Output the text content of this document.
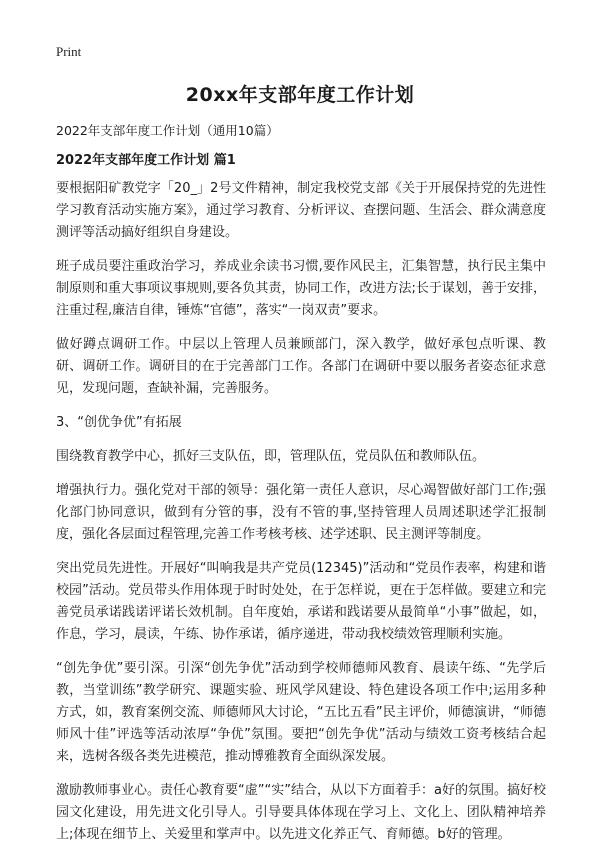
Print
20xx年支部年度工作计划

2022年支部年度工作计划（通用10篇）

2022年支部年度工作计划 篇1

要根据阳矿教党字「20_」2号文件精神，制定我校党支部《关于开展保持党的先进性学习教育活动实施方案》，通过学习教育、分析评议、查摆问题、生活会、群众满意度测评等活动搞好组织自身建设。

班子成员要注重政治学习，养成业余读书习惯,要作风民主，汇集智慧，执行民主集中制原则和重大事项议事规则,要各负其责，协同工作，改进方法;长于谋划，善于安排，注重过程,廉洁自律，锤炼“官德”，落实“一岗双责”要求。

做好蹲点调研工作。中层以上管理人员兼顾部门，深入教学，做好承包点听课、教研、调研工作。调研目的在于完善部门工作。各部门在调研中要以服务者姿态征求意见，发现问题，查缺补漏，完善服务。

3、“创优争优”有拓展

围绕教育教学中心，抓好三支队伍，即，管理队伍，党员队伍和教师队伍。

增强执行力。强化党对干部的领导：强化第一责任人意识，尽心竭智做好部门工作;强化部门协同意识，做到有分管的事，没有不管的事,坚持管理人员周述职述学汇报制度，强化各层面过程管理,完善工作考核考核、述学述职、民主测评等制度。

突出党员先进性。开展好“叫响我是共产党员(12345)”活动和“党员作表率，构建和谐校园”活动。党员带头作用体现于时时处处，在于怎样说，更在于怎样做。要建立和完善党员承诺践诺评诺长效机制。自年度始，承诺和践诺要从最简单“小事”做起，如，作息，学习，晨读，午练、协作承诺，循序递进，带动我校绩效管理顺利实施。

“创先争优”要引深。引深“创先争优”活动到学校师德师风教育、晨读午练、“先学后教，当堂训练”教学研究、课题实验、班风学风建设、特色建设各项工作中;运用多种方式，如，教育案例交流、师德师风大讨论，“五比五看”民主评价，师德演讲，“师德师风十佳”评选等活动浓厚“争优”氛围。要把“创先争优”活动与绩效工资考核结合起来，选树各级各类先进模范，推动博雅教育全面纵深发展。

激励教师事业心。责任心教育要“虚”“实”结合，从以下方面着手：a好的氛围。搞好校园文化建设，用先进文化引导人。引导要具体体现在学习上、文化上、团队精神培养上;体现在细节上、关爱里和掌声中。以先进文化养正气、育师德。b好的管理。
